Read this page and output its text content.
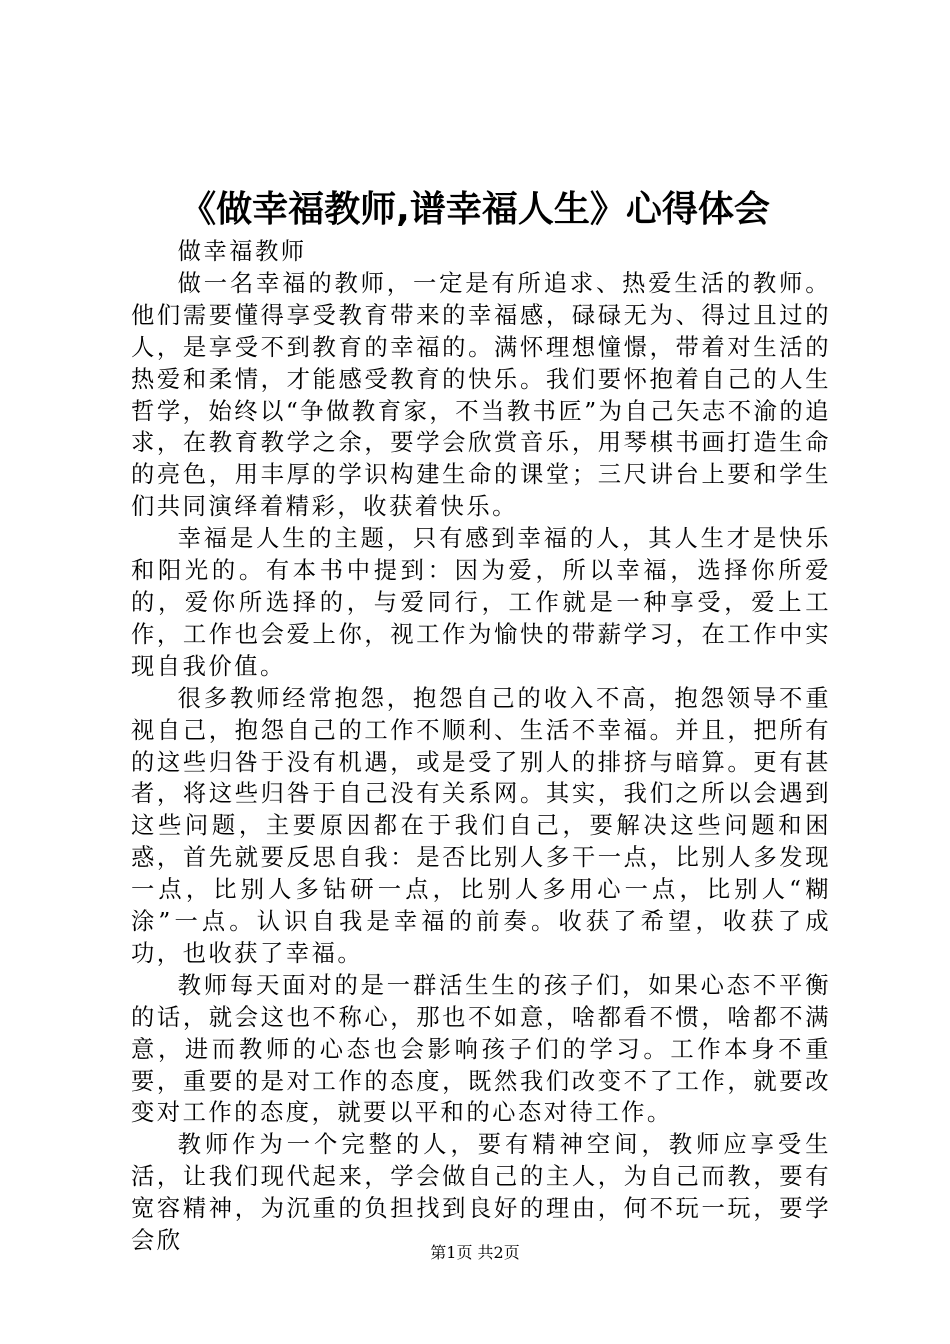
《做幸福教师,谱幸福人生》心得体会

做幸福教师

做一名幸福的教师，一定是有所追求、热爱生活的教师。他们需要懂得享受教育带来的幸福感，碌碌无为、得过且过的人，是享受不到教育的幸福的。满怀理想憧憬，带着对生活的热爱和柔情，才能感受教育的快乐。我们要怀抱着自己的人生哲学，始终以“争做教育家，不当教书匠”为自己矢志不渝的追求，在教育教学之余，要学会欣赏音乐，用琴棋书画打造生命的亮色，用丰厚的学识构建生命的课堂；三尺讲台上要和学生们共同演绎着精彩，收获着快乐。

幸福是人生的主题，只有感到幸福的人，其人生才是快乐和阳光的。有本书中提到：因为爱，所以幸福，选择你所爱的，爱你所选择的，与爱同行，工作就是一种享受，爱上工作，工作也会爱上你，视工作为愉快的带薪学习，在工作中实现自我价值。

很多教师经常抱怨，抱怨自己的收入不高，抱怨领导不重视自己，抱怨自己的工作不顺利、生活不幸福。并且，把所有的这些归咎于没有机遇，或是受了别人的排挤与暗算。更有甚者，将这些归咎于自己没有关系网。其实，我们之所以会遇到这些问题，主要原因都在于我们自己，要解决这些问题和困惑，首先就要反思自我：是否比别人多干一点，比别人多发现一点，比别人多钻研一点，比别人多用心一点，比别人“糊涂”一点。认识自我是幸福的前奏。收获了希望，收获了成功，也收获了幸福。

教师每天面对的是一群活生生的孩子们，如果心态不平衡的话，就会这也不称心，那也不如意，啥都看不惯，啥都不满意，进而教师的心态也会影响孩子们的学习。工作本身不重要，重要的是对工作的态度，既然我们改变不了工作，就要改变对工作的态度，就要以平和的心态对待工作。

教师作为一个完整的人，要有精神空间，教师应享受生活，让我们现代起来，学会做自己的主人，为自己而教，要有宽容精神，为沉重的负担找到良好的理由，何不玩一玩，要学会欣	第1页 共2页
